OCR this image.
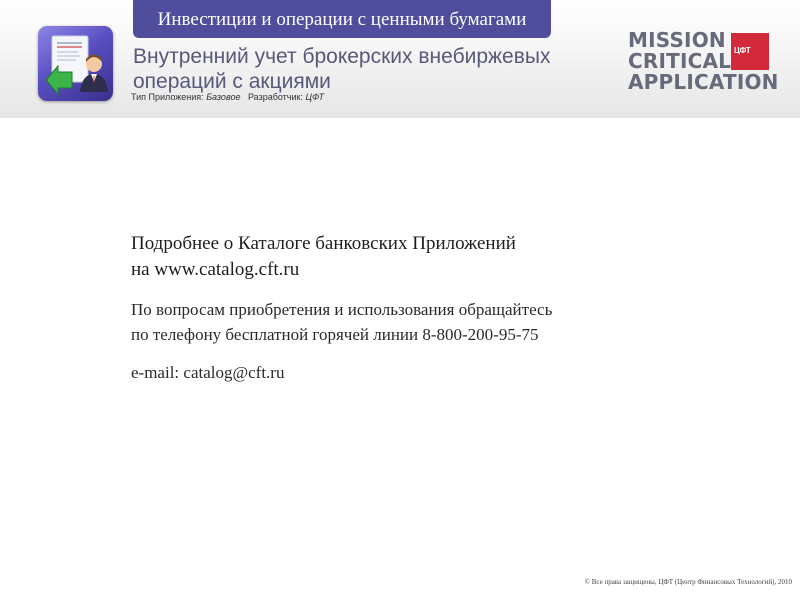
Инвестиции и операции с ценными бумагами
Внутренний учет брокерских внебиржевых
операций с акциями
Тип Приложения: Базовое Разработчик: ЦФТ
MISSION
CRITICAL
APPLICATION
ЦФТ
Подробнее о Каталоге банковских Приложений
на www.catalog.cft.ru
По вопросам приобретения и использования обращайтесь
по телефону бесплатной горячей линии 8-800-200-95-75
e-mail: catalog@cft.ru
© Все права защищены, ЦФТ (Центр Финансовых Технологий), 2010
